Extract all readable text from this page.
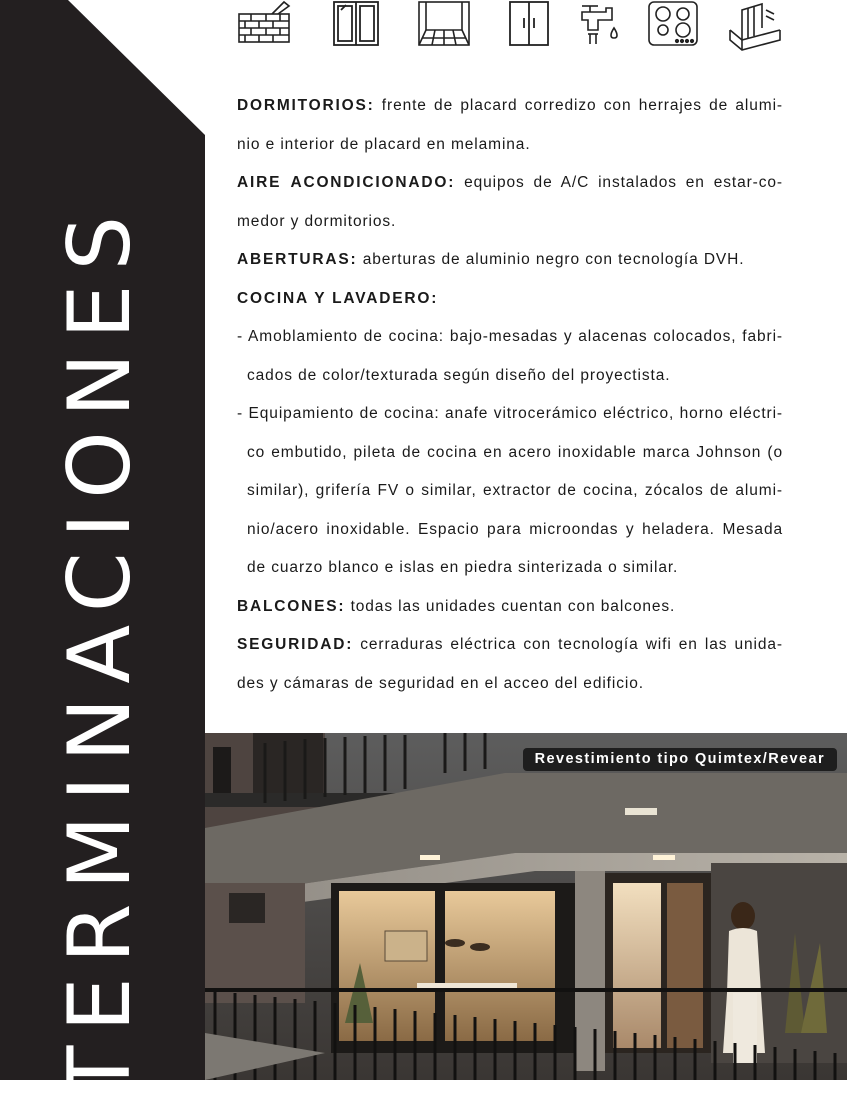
TERMINACIONES
DORMITORIOS: frente de placard corredizo con herrajes de alumi-
nio e interior de placard en melamina.
AIRE ACONDICIONADO: equipos de A/C instalados en estar-co-
medor y dormitorios.
ABERTURAS: aberturas de aluminio negro con tecnología DVH.
COCINA Y LAVADERO:
- Amoblamiento de cocina: bajo-mesadas y alacenas colocados, fabri-
cados de color/texturada según diseño del proyectista.
- Equipamiento de cocina: anafe vitrocerámico eléctrico, horno eléctri-
co embutido, pileta de cocina en acero inoxidable marca Johnson (o
similar), grifería FV o similar, extractor de cocina, zócalos de alumi-
nio/acero inoxidable. Espacio para microondas y heladera. Mesada
de cuarzo blanco e islas en piedra sinterizada o similar.
BALCONES: todas las unidades cuentan con balcones.
SEGURIDAD: cerraduras eléctrica con tecnología wifi en las unida-
des y cámaras de seguridad en el acceo del edificio.
Revestimiento tipo Quimtex/Revear
